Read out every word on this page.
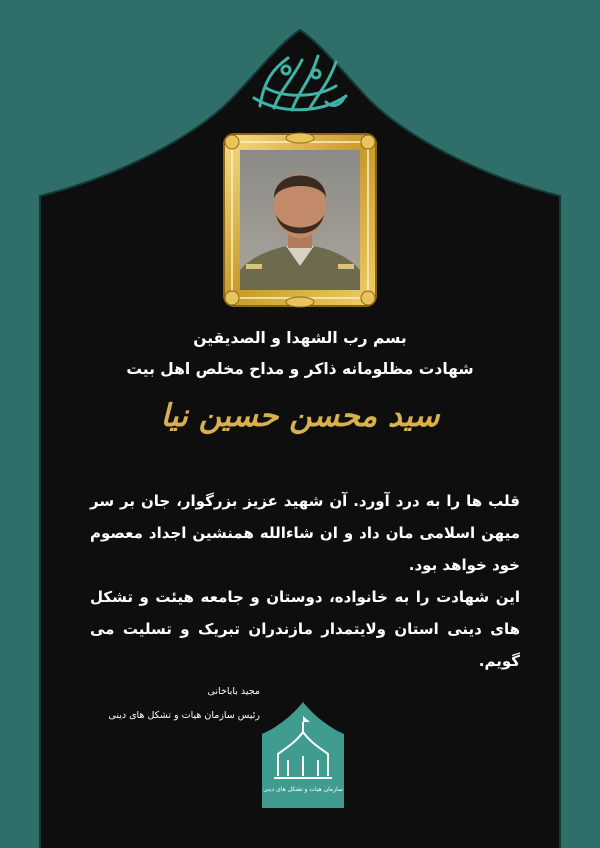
بسم رب الشهدا و الصدیقین
شهادت مظلومانه ذاکر و مداح مخلص اهل بیت
سید محسن حسین نیا

قلب ها را به درد آورد. آن شهید عزیز بزرگوار، جان بر سر میهن اسلامی مان داد و ان شاءالله همنشین اجداد معصوم خود خواهد بود.

این شهادت را به خانواده، دوستان و جامعه هیئت و تشکل های دینی استان ولایتمدار مازندران تبریک و تسلیت می گویم.

مجید باباخانی
رئیس سازمان هیات و تشکل های دینی
سازمان هیات و تشکل های دینی
